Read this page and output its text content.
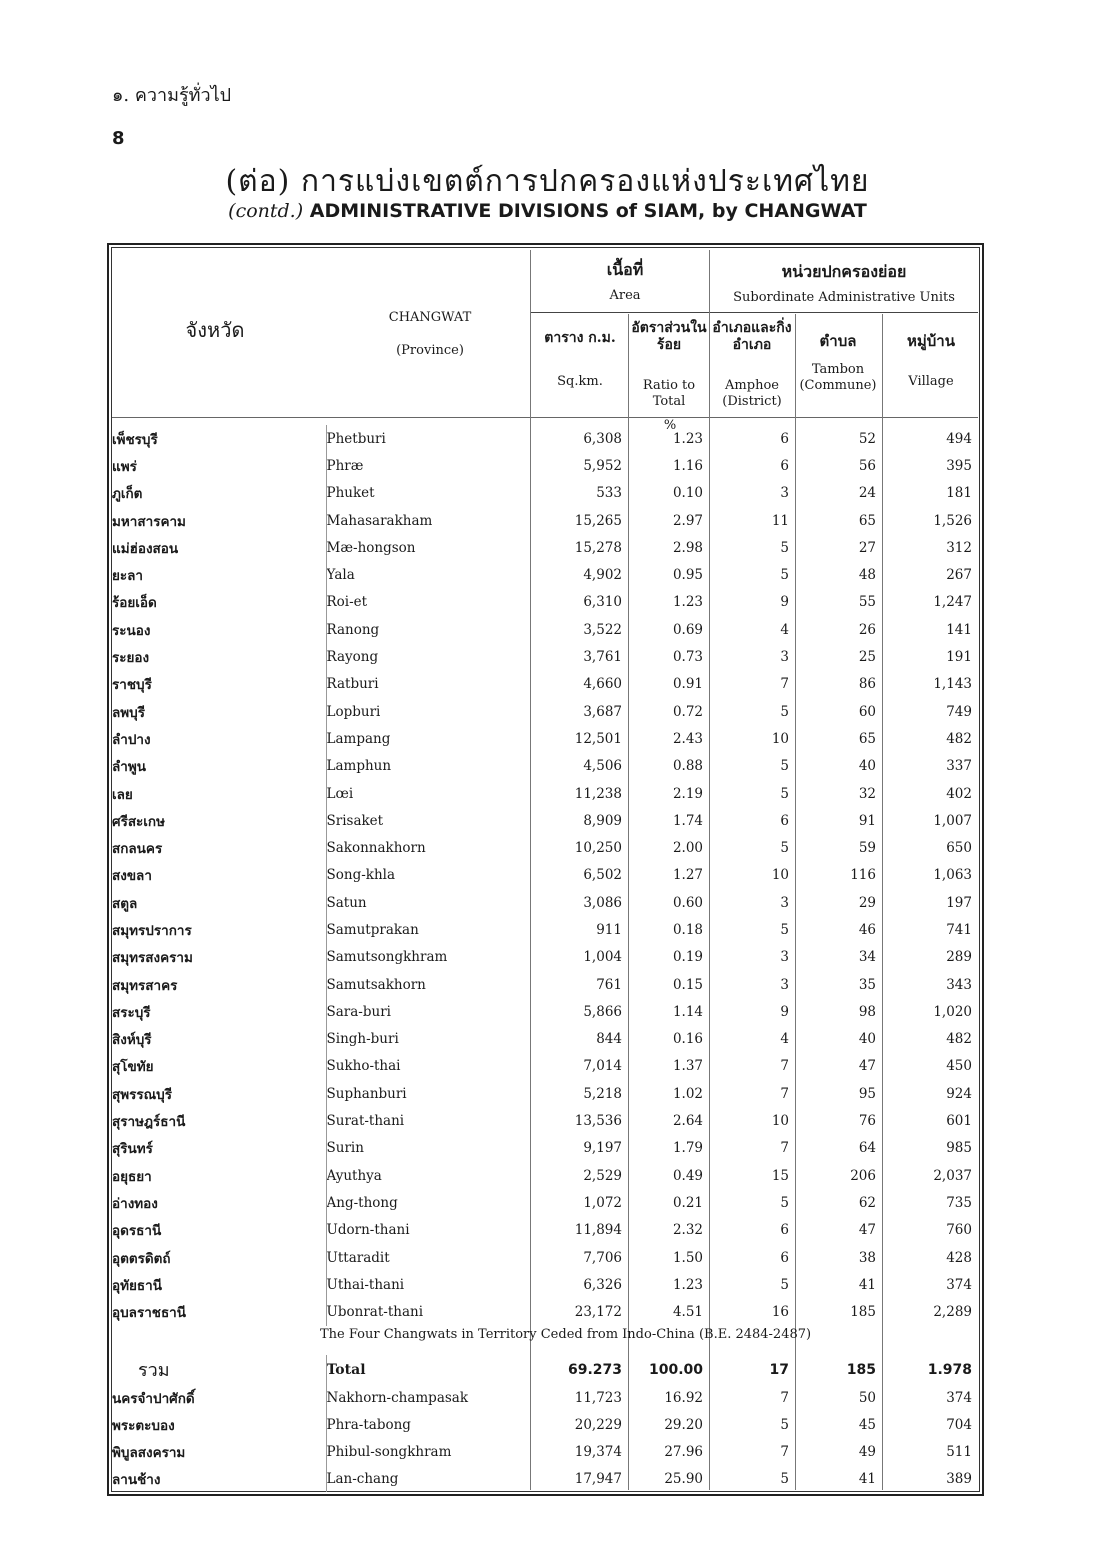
๑. ความรู้ทั่วไป
8
(ต่อ) การแบ่งเขตต์การปกครองแห่งประเทศไทย
(contd.) ADMINISTRATIVE DIVISIONS of SIAM, by CHANGWAT
จังหวัด
CHANGWAT
(Province)
เนื้อที่
Area
หน่วยปกครองย่อย
Subordinate Administrative Units
ตาราง ก.ม.
Sq.km.
อัตราส่วนในร้อย
Ratio to Total
อำเภอและกิ่งอำเภอ
Amphoe (District)
ตำบล
Tambon (Commune)
หมู่บ้าน
Village
%
เพ็ชรบุรี	Phetburi	6,308	1.23	6	52	494
แพร่	Phræ	5,952	1.16	6	56	395
ภูเก็ต	Phuket	533	0.10	3	24	181
มหาสารคาม	Mahasarakham	15,265	2.97	11	65	1,526
แม่ฮ่องสอน	Mæ-hongson	15,278	2.98	5	27	312
ยะลา	Yala	4,902	0.95	5	48	267
ร้อยเอ็ด	Roi-et	6,310	1.23	9	55	1,247
ระนอง	Ranong	3,522	0.69	4	26	141
ระยอง	Rayong	3,761	0.73	3	25	191
ราชบุรี	Ratburi	4,660	0.91	7	86	1,143
ลพบุรี	Lopburi	3,687	0.72	5	60	749
ลำปาง	Lampang	12,501	2.43	10	65	482
ลำพูน	Lamphun	4,506	0.88	5	40	337
เลย	Lœi	11,238	2.19	5	32	402
ศรีสะเกษ	Srisaket	8,909	1.74	6	91	1,007
สกลนคร	Sakonnakhorn	10,250	2.00	5	59	650
สงขลา	Song-khla	6,502	1.27	10	116	1,063
สตูล	Satun	3,086	0.60	3	29	197
สมุทรปราการ	Samutprakan	911	0.18	5	46	741
สมุทรสงคราม	Samutsongkhram	1,004	0.19	3	34	289
สมุทรสาคร	Samutsakhorn	761	0.15	3	35	343
สระบุรี	Sara-buri	5,866	1.14	9	98	1,020
สิงห์บุรี	Singh-buri	844	0.16	4	40	482
สุโขทัย	Sukho-thai	7,014	1.37	7	47	450
สุพรรณบุรี	Suphanburi	5,218	1.02	7	95	924
สุราษฎร์ธานี	Surat-thani	13,536	2.64	10	76	601
สุรินทร์	Surin	9,197	1.79	7	64	985
อยุธยา	Ayuthya	2,529	0.49	15	206	2,037
อ่างทอง	Ang-thong	1,072	0.21	5	62	735
อุดรธานี	Udorn-thani	11,894	2.32	6	47	760
อุตตรดิตถ์	Uttaradit	7,706	1.50	6	38	428
อุทัยธานี	Uthai-thani	6,326	1.23	5	41	374
อุบลราชธานี	Ubonrat-thani	23,172	4.51	16	185	2,289
The Four Changwats in Territory Ceded from Indo-China (B.E. 2484-2487)
รวม	Total	69.273	100.00	17	185	1.978
นครจำปาศักดิ์	Nakhorn-champasak	11,723	16.92	7	50	374
พระตะบอง	Phra-tabong	20,229	29.20	5	45	704
พิบูลสงคราม	Phibul-songkhram	19,374	27.96	7	49	511
ลานช้าง	Lan-chang	17,947	25.90	5	41	389
